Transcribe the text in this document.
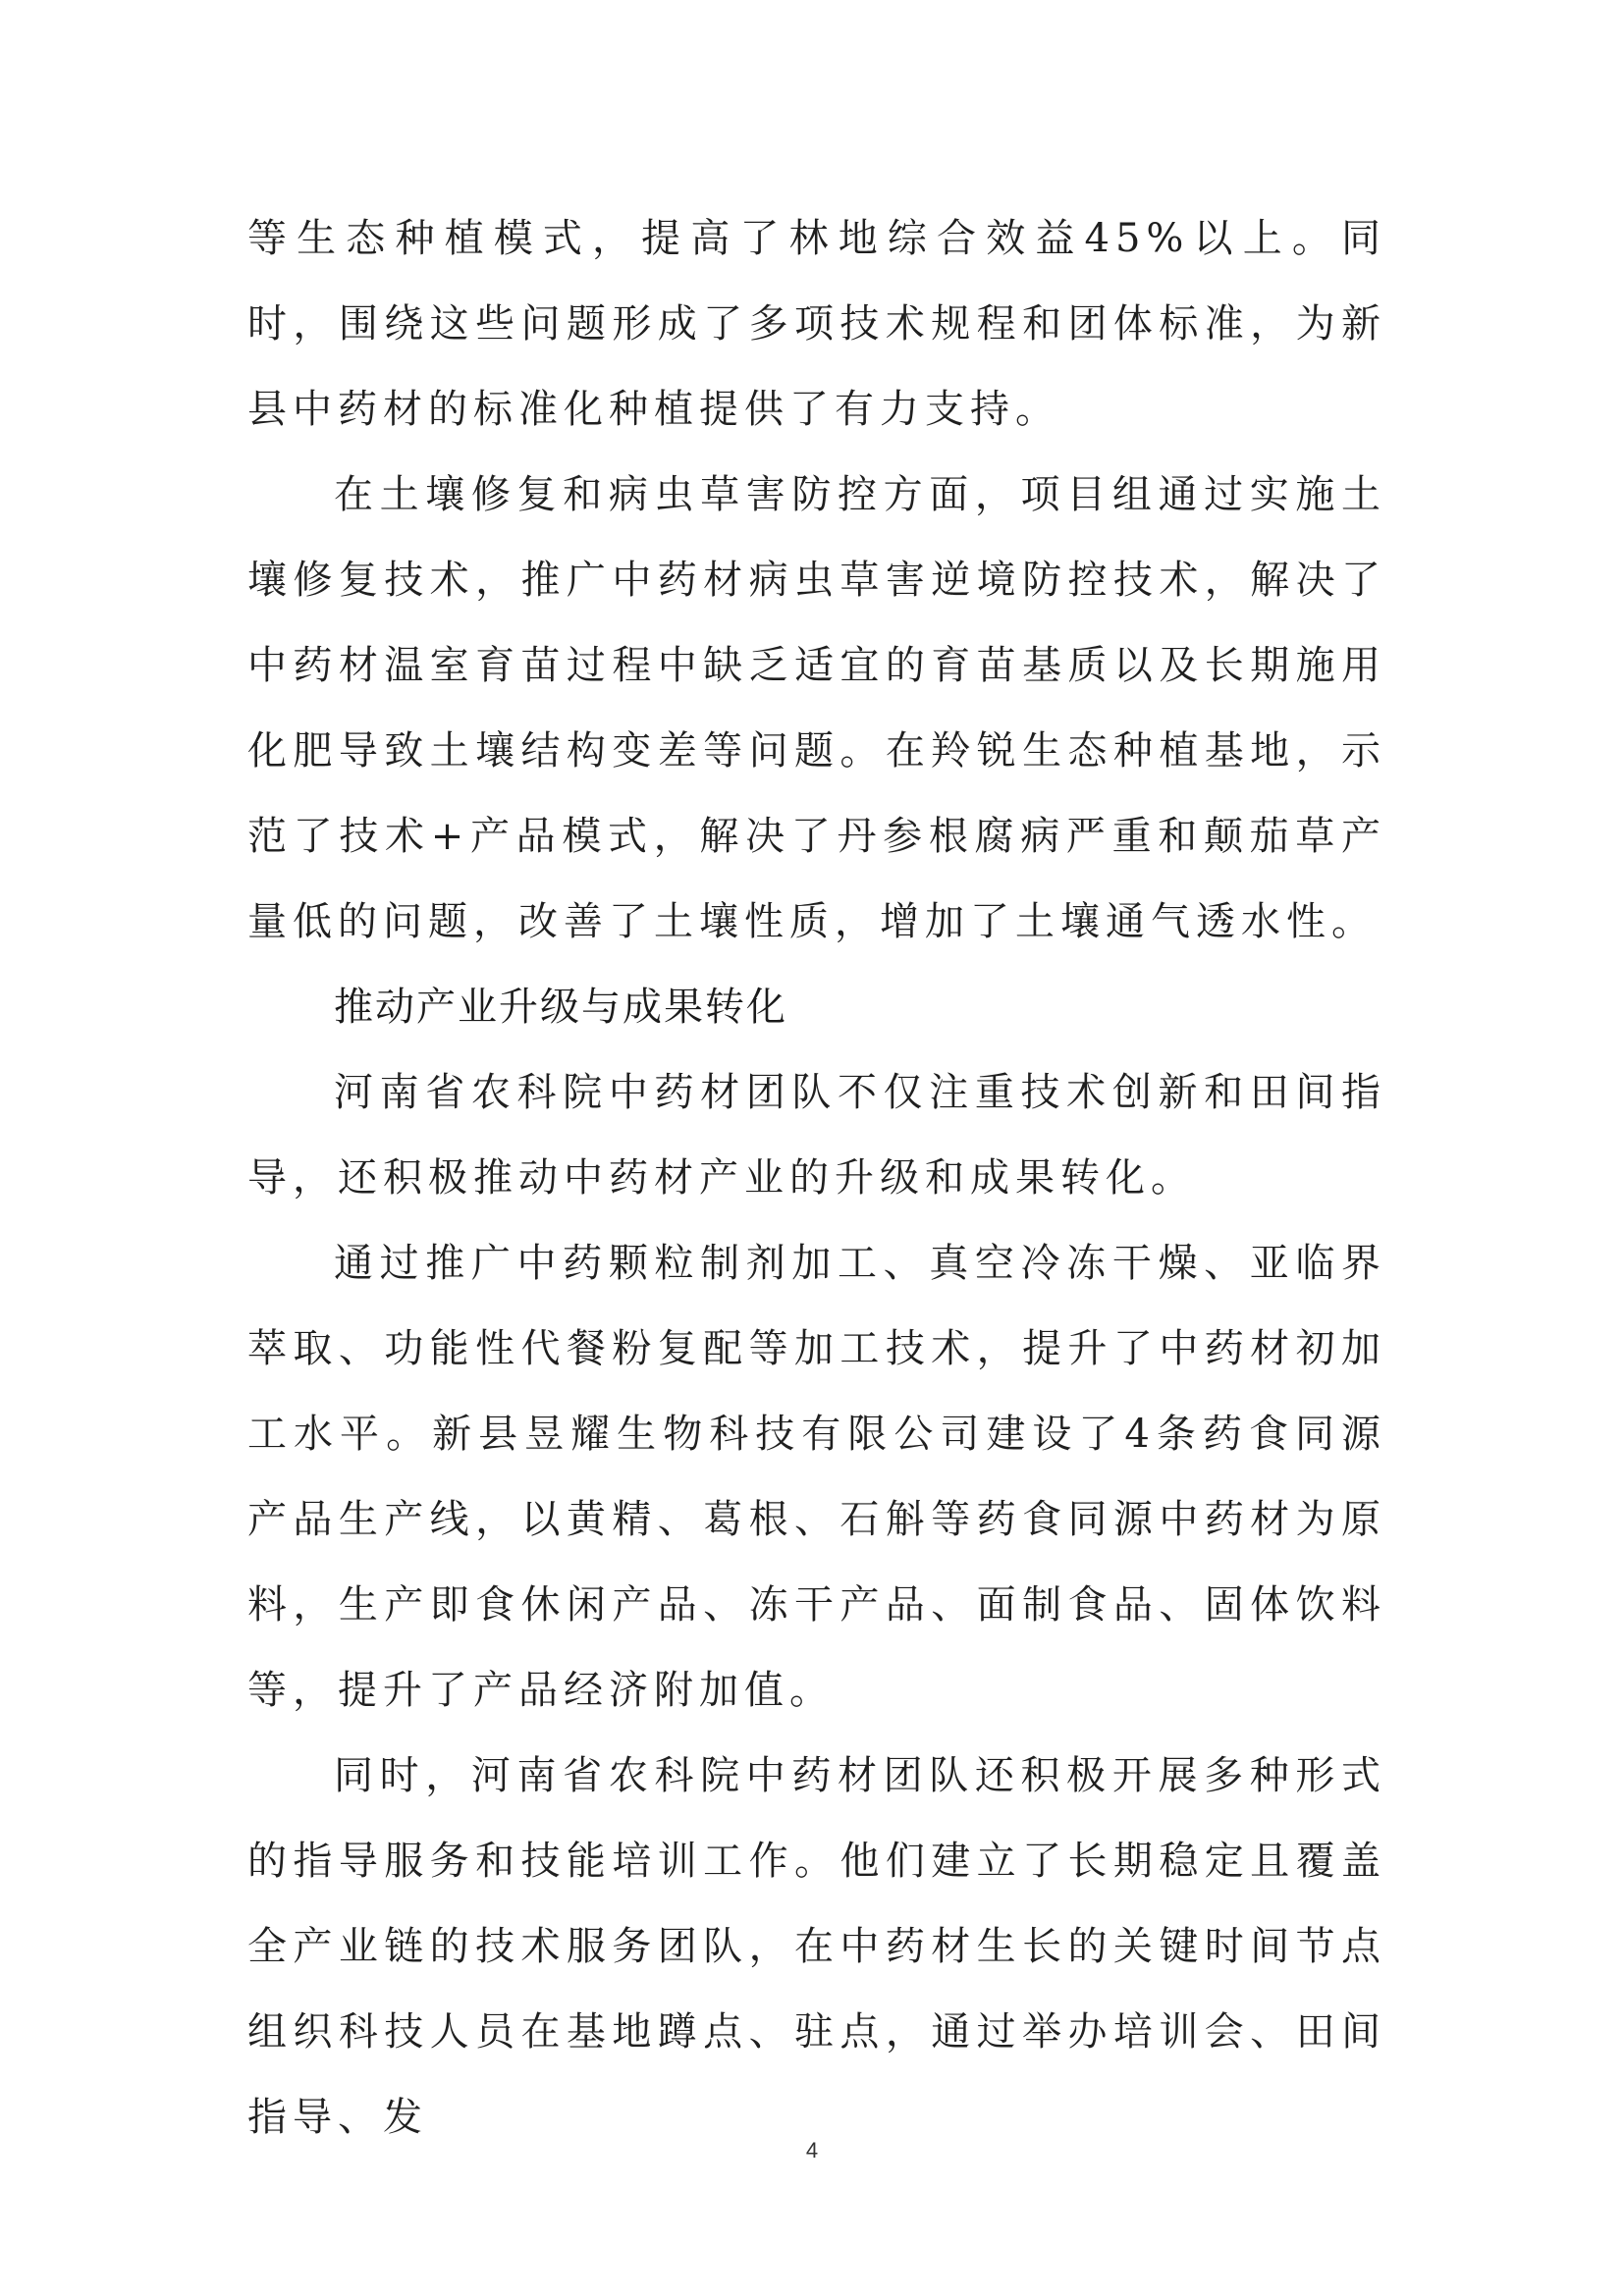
等生态种植模式，提高了林地综合效益45%以上。同时，围绕这些问题形成了多项技术规程和团体标准，为新县中药材的标准化种植提供了有力支持。

在土壤修复和病虫草害防控方面，项目组通过实施土壤修复技术，推广中药材病虫草害逆境防控技术，解决了中药材温室育苗过程中缺乏适宜的育苗基质以及长期施用化肥导致土壤结构变差等问题。在羚锐生态种植基地，示范了技术+产品模式，解决了丹参根腐病严重和颠茄草产量低的问题，改善了土壤性质，增加了土壤通气透水性。

推动产业升级与成果转化

河南省农科院中药材团队不仅注重技术创新和田间指导，还积极推动中药材产业的升级和成果转化。

通过推广中药颗粒制剂加工、真空冷冻干燥、亚临界萃取、功能性代餐粉复配等加工技术，提升了中药材初加工水平。新县昱耀生物科技有限公司建设了4条药食同源产品生产线，以黄精、葛根、石斛等药食同源中药材为原料，生产即食休闲产品、冻干产品、面制食品、固体饮料等，提升了产品经济附加值。

同时，河南省农科院中药材团队还积极开展多种形式的指导服务和技能培训工作。他们建立了长期稳定且覆盖全产业链的技术服务团队，在中药材生长的关键时间节点组织科技人员在基地蹲点、驻点，通过举办培训会、田间指导、发

4
